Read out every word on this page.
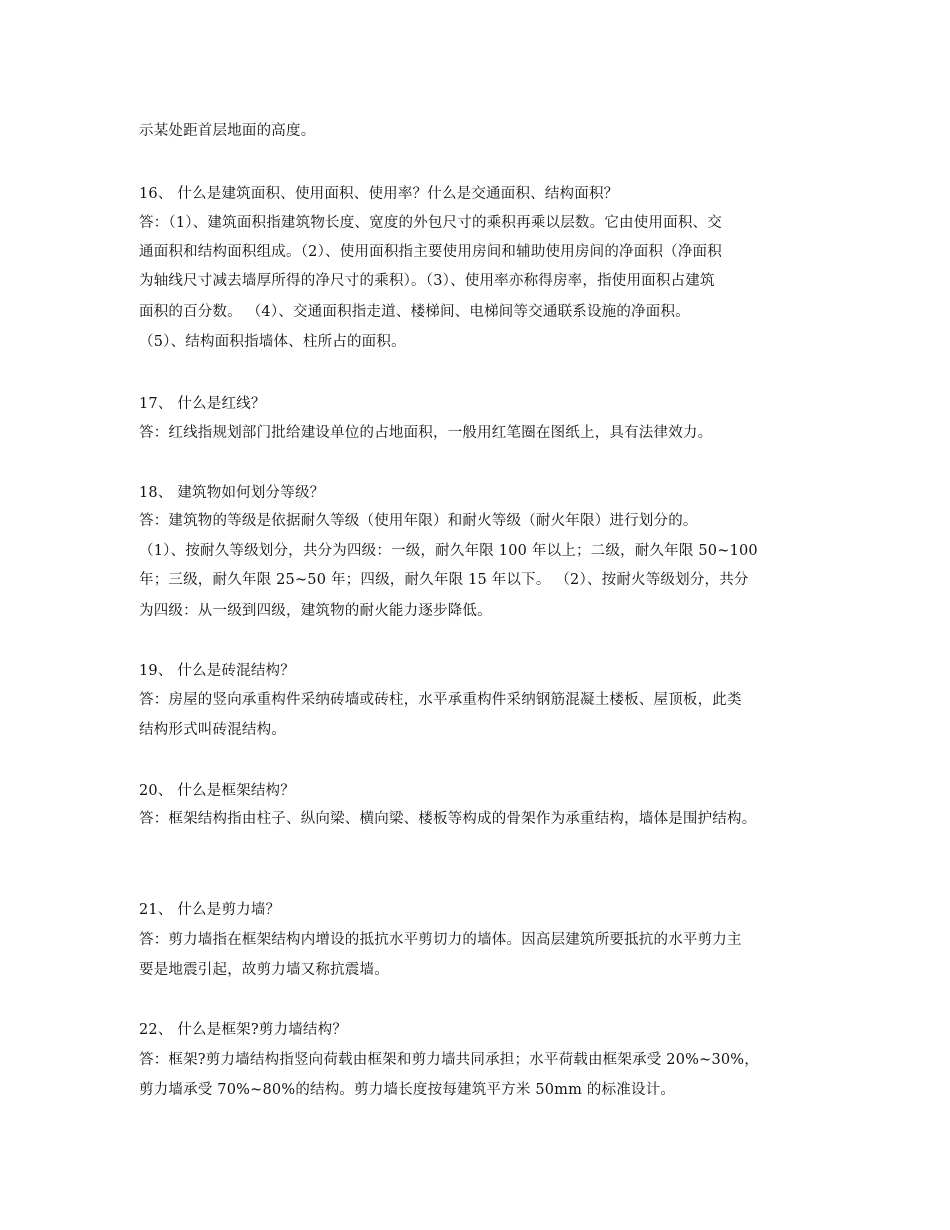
示某处距首层地面的高度。
16、 什么是建筑面积、使用面积、使用率？什么是交通面积、结构面积？
答：（1）、建筑面积指建筑物长度、宽度的外包尺寸的乘积再乘以层数。它由使用面积、交
通面积和结构面积组成。（2）、使用面积指主要使用房间和辅助使用房间的净面积（净面积
为轴线尺寸减去墙厚所得的净尺寸的乘积）。（3）、使用率亦称得房率，指使用面积占建筑
面积的百分数。 （4）、交通面积指走道、楼梯间、电梯间等交通联系设施的净面积。
（5）、结构面积指墙体、柱所占的面积。
17、 什么是红线？
答：红线指规划部门批给建设单位的占地面积，一般用红笔圈在图纸上，具有法律效力。
18、 建筑物如何划分等级？
答：建筑物的等级是依据耐久等级（使用年限）和耐火等级（耐火年限）进行划分的。
（1）、按耐久等级划分，共分为四级：一级，耐久年限 100 年以上；二级，耐久年限 50~100
年；三级，耐久年限 25~50 年；四级，耐久年限 15 年以下。 （2）、按耐火等级划分，共分
为四级：从一级到四级，建筑物的耐火能力逐步降低。
19、 什么是砖混结构？
答：房屋的竖向承重构件采纳砖墙或砖柱，水平承重构件采纳钢筋混凝土楼板、屋顶板，此类
结构形式叫砖混结构。
20、 什么是框架结构？
答：框架结构指由柱子、纵向梁、横向梁、楼板等构成的骨架作为承重结构，墙体是围护结构。
21、 什么是剪力墙？
答：剪力墙指在框架结构内增设的抵抗水平剪切力的墙体。因高层建筑所要抵抗的水平剪力主
要是地震引起，故剪力墙又称抗震墙。
22、 什么是框架?剪力墙结构？
答：框架?剪力墙结构指竖向荷载由框架和剪力墙共同承担；水平荷载由框架承受 20%~30%，
剪力墙承受 70%~80%的结构。剪力墙长度按每建筑平方米 50mm 的标准设计。
